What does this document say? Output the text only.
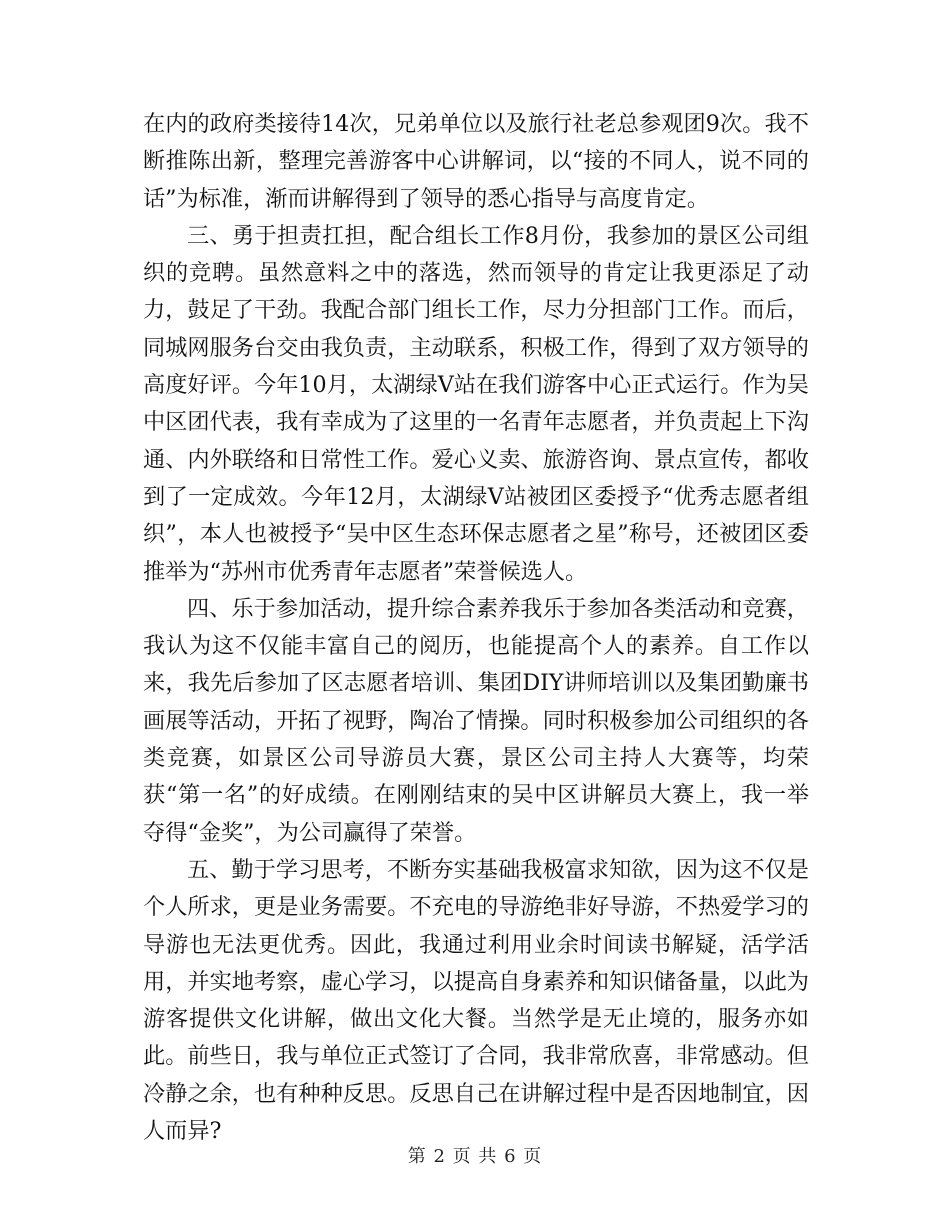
在内的政府类接待14次，兄弟单位以及旅行社老总参观团9次。我不断推陈出新，整理完善游客中心讲解词，以“接的不同人，说不同的话”为标准，渐而讲解得到了领导的悉心指导与高度肯定。

三、勇于担责扛担，配合组长工作8月份，我参加的景区公司组织的竞聘。虽然意料之中的落选，然而领导的肯定让我更添足了动力，鼓足了干劲。我配合部门组长工作，尽力分担部门工作。而后，同城网服务台交由我负责，主动联系，积极工作，得到了双方领导的高度好评。今年10月，太湖绿V站在我们游客中心正式运行。作为吴中区团代表，我有幸成为了这里的一名青年志愿者，并负责起上下沟通、内外联络和日常性工作。爱心义卖、旅游咨询、景点宣传，都收到了一定成效。今年12月，太湖绿V站被团区委授予“优秀志愿者组织”，本人也被授予“吴中区生态环保志愿者之星”称号，还被团区委推举为“苏州市优秀青年志愿者”荣誉候选人。

四、乐于参加活动，提升综合素养我乐于参加各类活动和竞赛，我认为这不仅能丰富自己的阅历，也能提高个人的素养。自工作以来，我先后参加了区志愿者培训、集团DIY讲师培训以及集团勤廉书画展等活动，开拓了视野，陶冶了情操。同时积极参加公司组织的各类竞赛，如景区公司导游员大赛，景区公司主持人大赛等，均荣获“第一名”的好成绩。在刚刚结束的吴中区讲解员大赛上，我一举夺得“金奖”，为公司赢得了荣誉。

五、勤于学习思考，不断夯实基础我极富求知欲，因为这不仅是个人所求，更是业务需要。不充电的导游绝非好导游，不热爱学习的导游也无法更优秀。因此，我通过利用业余时间读书解疑，活学活用，并实地考察，虚心学习，以提高自身素养和知识储备量，以此为游客提供文化讲解，做出文化大餐。当然学是无止境的，服务亦如此。前些日，我与单位正式签订了合同，我非常欣喜，非常感动。但冷静之余，也有种种反思。反思自己在讲解过程中是否因地制宜，因人而异?

第 2 页 共 6 页
